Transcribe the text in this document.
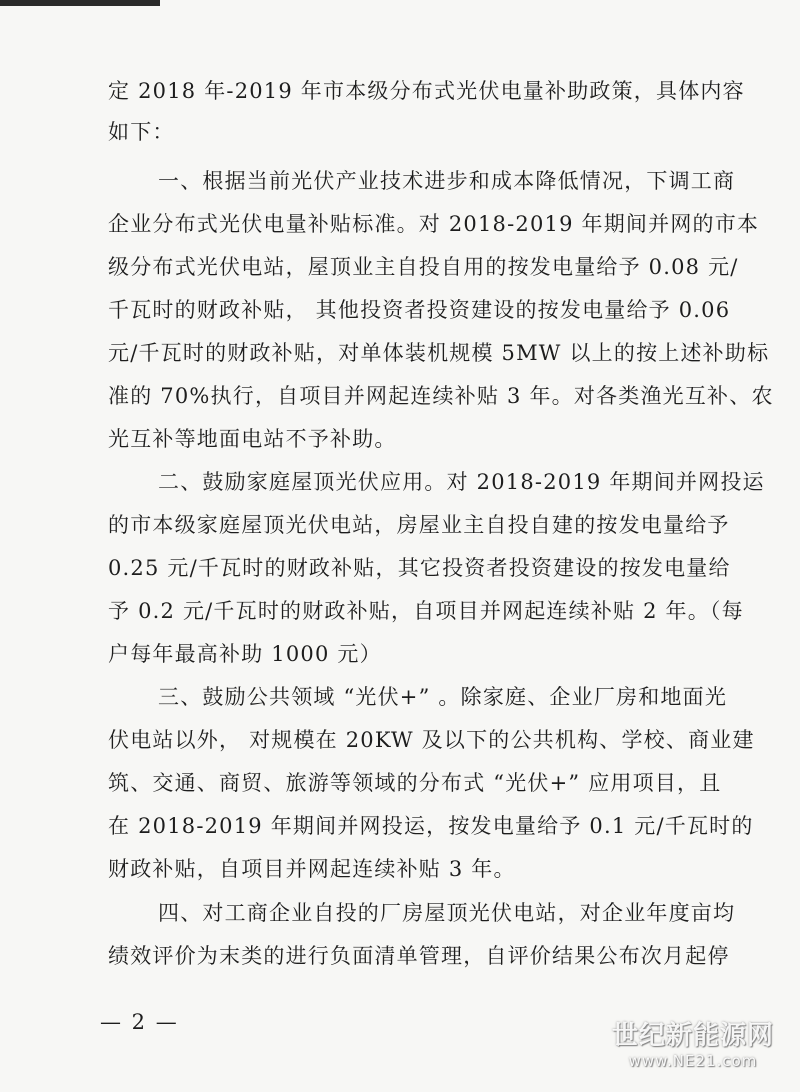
定 2018 年-2019 年市本级分布式光伏电量补助政策，具体内容
如下：
一、根据当前光伏产业技术进步和成本降低情况，下调工商
企业分布式光伏电量补贴标准。对 2018-2019 年期间并网的市本
级分布式光伏电站，屋顶业主自投自用的按发电量给予 0.08 元/
千瓦时的财政补贴， 其他投资者投资建设的按发电量给予 0.06
元/千瓦时的财政补贴，对单体装机规模 5MW 以上的按上述补助标
准的 70%执行，自项目并网起连续补贴 3 年。对各类渔光互补、农
光互补等地面电站不予补助。
二、鼓励家庭屋顶光伏应用。对 2018-2019 年期间并网投运
的市本级家庭屋顶光伏电站，房屋业主自投自建的按发电量给予
0.25 元/千瓦时的财政补贴，其它投资者投资建设的按发电量给
予 0.2 元/千瓦时的财政补贴，自项目并网起连续补贴 2 年。（每
户每年最高补助 1000 元）
三、鼓励公共领域 “光伏+” 。除家庭、企业厂房和地面光
伏电站以外， 对规模在 20KW 及以下的公共机构、学校、商业建
筑、交通、商贸、旅游等领域的分布式 “光伏+” 应用项目，且
在 2018-2019 年期间并网投运，按发电量给予 0.1 元/千瓦时的
财政补贴，自项目并网起连续补贴 3 年。
四、对工商企业自投的厂房屋顶光伏电站，对企业年度亩均
绩效评价为末类的进行负面清单管理，自评价结果公布次月起停
— 2 —	世纪新能源网
www.NE21.com
